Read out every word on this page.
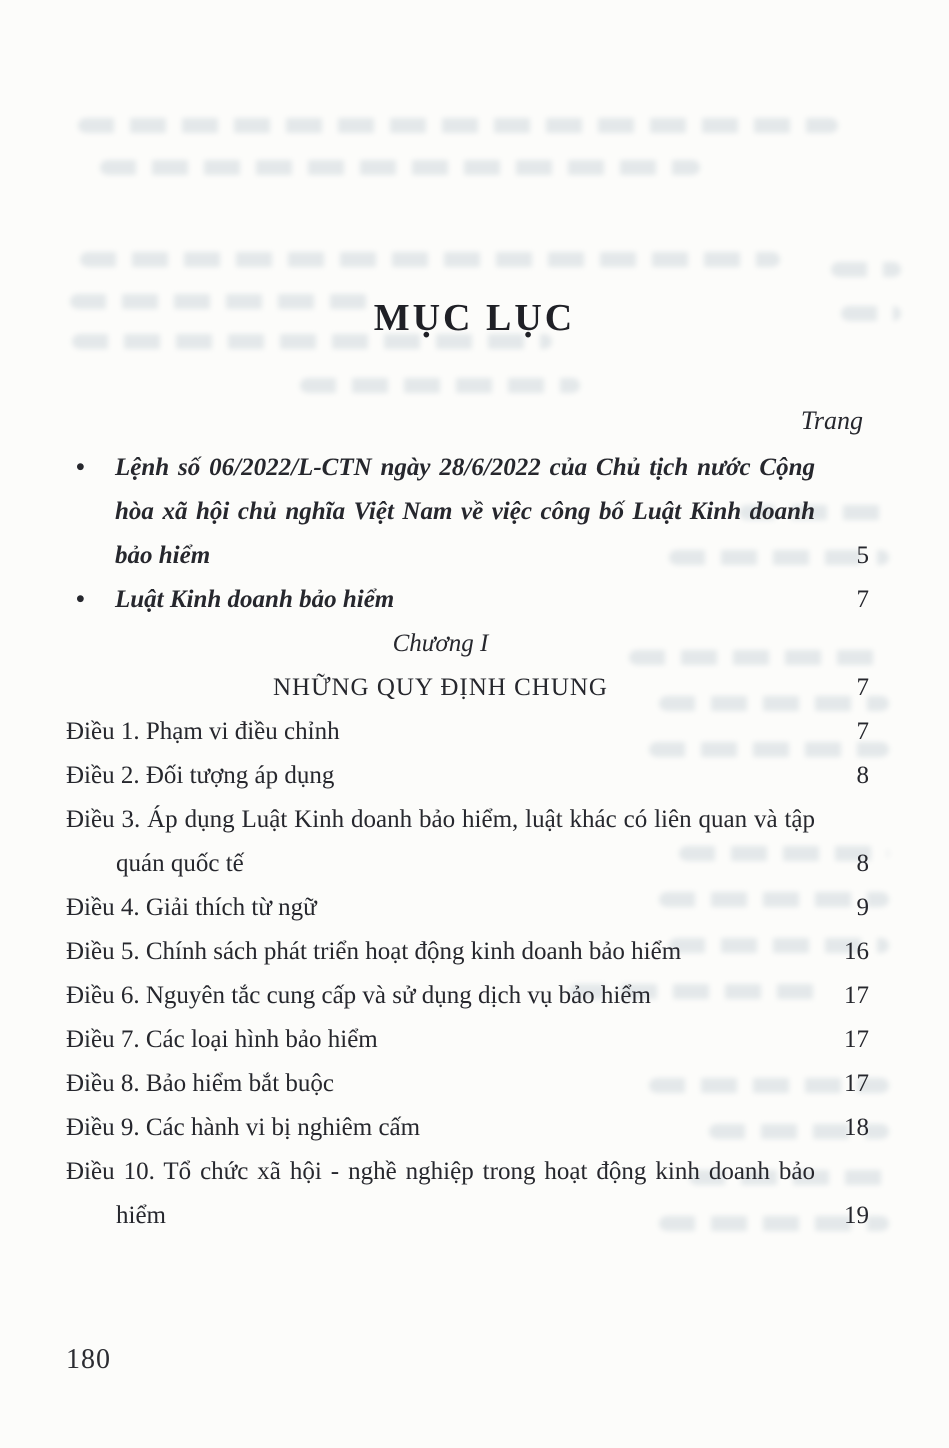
MỤC LỤC
Trang
• Lệnh số 06/2022/L-CTN ngày 28/6/2022 của Chủ tịch nước Cộng hòa xã hội chủ nghĩa Việt Nam về việc công bố Luật Kinh doanh bảo hiểm	5
• Luật Kinh doanh bảo hiểm	7
Chương I
NHỮNG QUY ĐỊNH CHUNG	7
Điều 1. Phạm vi điều chỉnh	7
Điều 2. Đối tượng áp dụng	8
Điều 3. Áp dụng Luật Kinh doanh bảo hiểm, luật khác có liên quan và tập quán quốc tế	8
Điều 4. Giải thích từ ngữ	9
Điều 5. Chính sách phát triển hoạt động kinh doanh bảo hiểm	16
Điều 6. Nguyên tắc cung cấp và sử dụng dịch vụ bảo hiểm	17
Điều 7. Các loại hình bảo hiểm	17
Điều 8. Bảo hiểm bắt buộc	17
Điều 9. Các hành vi bị nghiêm cấm	18
Điều 10. Tổ chức xã hội - nghề nghiệp trong hoạt động kinh doanh bảo hiểm	19
180
